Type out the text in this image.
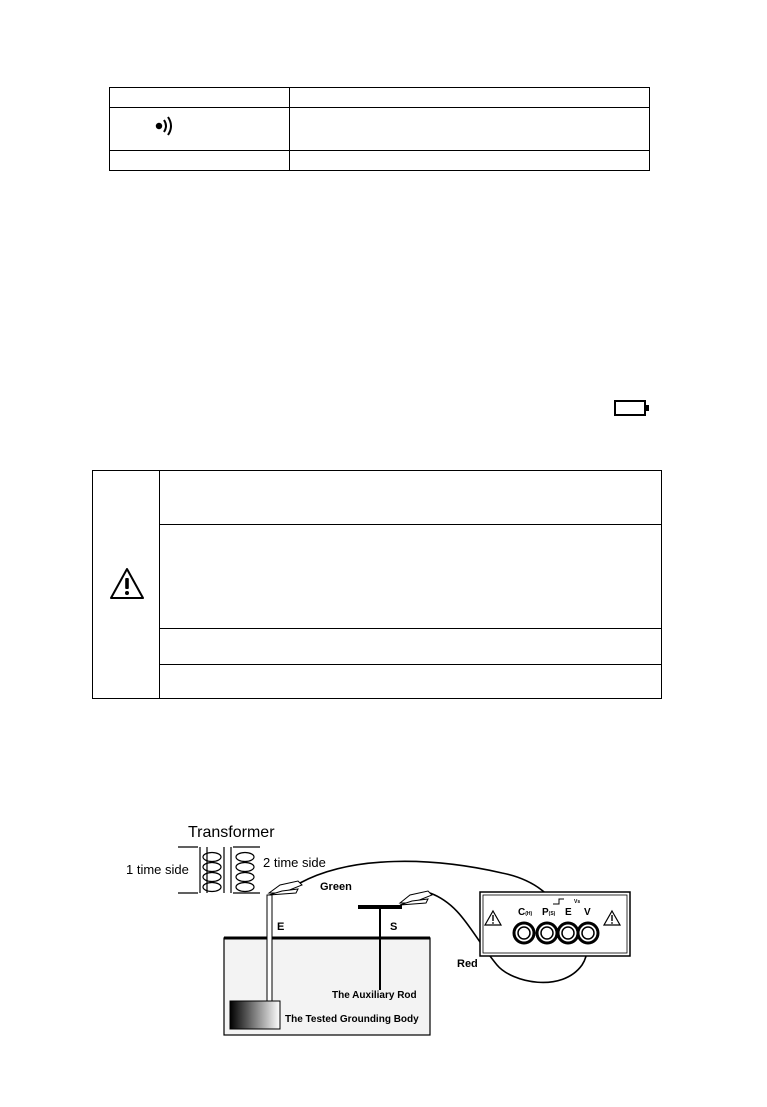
Transformer
1 time side	2 time side
E
The Tested Grounding Body
S
The Auxiliary Rod
Green
Red
C(H) P(S) E V
Vs
